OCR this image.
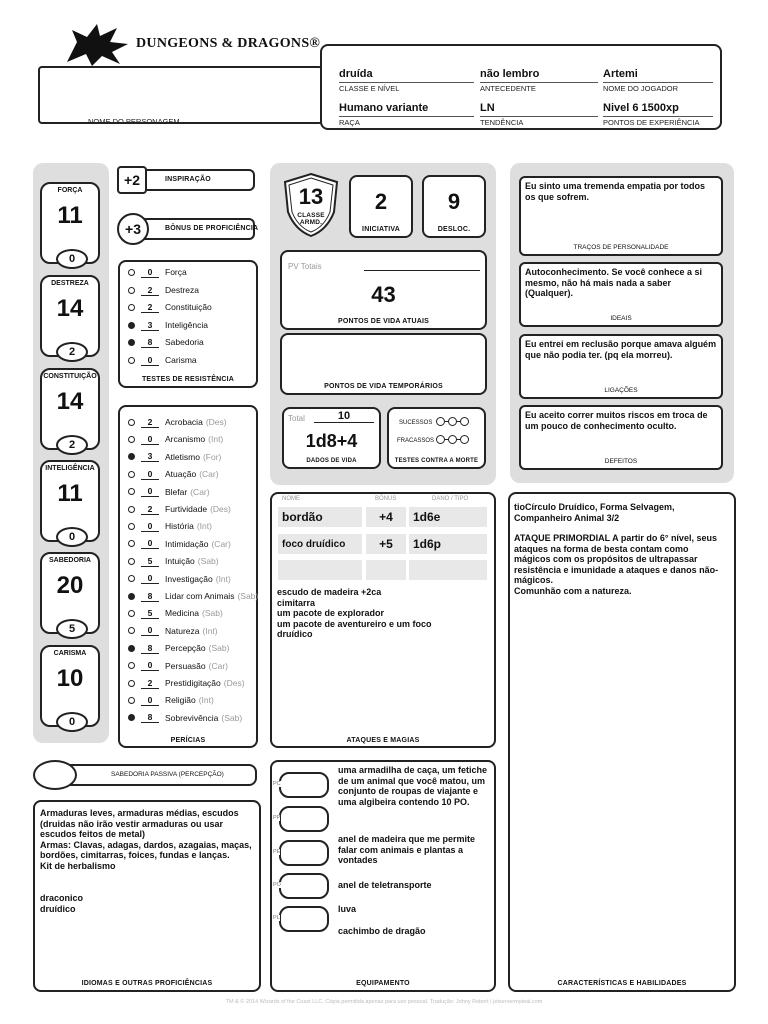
DUNGEONS & DRAGONS®
NOME DO PERSONAGEM
druída
CLASSE E NÍVEL
não lembro
ANTECEDENTE
Artemi
NOME DO JOGADOR
Humano variante
RAÇA
LN
TENDÊNCIA
Nivel 6 1500xp
PONTOS DE EXPERIÊNCIA
FORÇA
11
0
DESTREZA
14
2
CONSTITUIÇÃO
14
2
INTELIGÊNCIA
11
0
SABEDORIA
20
5
CARISMA
10
0
+2	INSPIRAÇÃO
+3	BÔNUS DE PROFICIÊNCIA
0	Força
2	Destreza
2	Constituição
3	Inteligência
8	Sabedoria
0	Carisma
TESTES DE RESISTÊNCIA
2	Acrobacia (Des)
0	Arcanismo (Int)
3	Atletismo (For)
0	Atuação (Car)
0	Blefar (Car)
2	Furtividade (Des)
0	História (Int)
0	Intimidação (Car)
5	Intuição (Sab)
0	Investigação (Int)
8	Lidar com Animais (Sab)
5	Medicina (Sab)
0	Natureza (Int)
8	Percepção (Sab)
0	Persuasão (Car)
2	Prestidigitação (Des)
0	Religião (Int)
8	Sobrevivência (Sab)
PERÍCIAS
13
CLASSE ARMD.
2
INICIATIVA
9
DESLOC.
PV Totais
43
PONTOS DE VIDA ATUAIS
PONTOS DE VIDA TEMPORÁRIOS
Total	10
1d8+4
DADOS DE VIDA
SUCESSOS
FRACASSOS
TESTES CONTRA A MORTE
Eu sinto uma tremenda empatia por todos os que sofrem.
TRAÇOS DE PERSONALIDADE
Autoconhecimento. Se você conhece a si mesmo, não há mais nada a saber (Qualquer).
IDEAIS
Eu entrei em reclusão porque amava alguém que não podia ter. (pq ela morreu).
LIGAÇÕES
Eu aceito correr muitos riscos em troca de um pouco de conhecimento oculto.
DEFEITOS
NOME	BÔNUS	DANO / TIPO
bordão	+4	1d6e
foco druídico	+5	1d6p
escudo de madeira +2ca
cimitarra
um pacote de explorador
um pacote de aventureiro e um foco
druídico
ATAQUES E MAGIAS
tioCírculo Druídico, Forma Selvagem, Companheiro Animal 3/2
ATAQUE PRIMORDIAL A partir do 6° nível, seus ataques na forma de besta contam como mágicos com os propósitos de ultrapassar resistência e imunidade a ataques e danos não-mágicos.
Comunhão com a natureza.
CARACTERÍSTICAS E HABILIDADES
SABEDORIA PASSIVA (PERCEPÇÃO)
Armaduras leves, armaduras médias, escudos (druidas não irão vestir armaduras ou usar escudos feitos de metal)
Armas: Clavas, adagas, dardos, azagaias, maças, bordões, cimitarras, foices, fundas e lanças.
Kit de herbalismo
draconico
druídico
IDIOMAS E OUTRAS PROFICIÊNCIAS	EQUIPAMENTO
PC
PP
PE
PO
PL
uma armadilha de caça, um fetiche de um animal que você matou, um conjunto de roupas de viajante e uma algibeira contendo 10 PO.
anel de madeira que me permite falar com animais e plantas a vontades
anel de teletransporte
luva
cachimbo de dragão
TM & © 2014 Wizards of the Coast LLC. Cópia permitida apenas para uso pessoal. Tradução: Johny Robert | jetservermyteal.com
